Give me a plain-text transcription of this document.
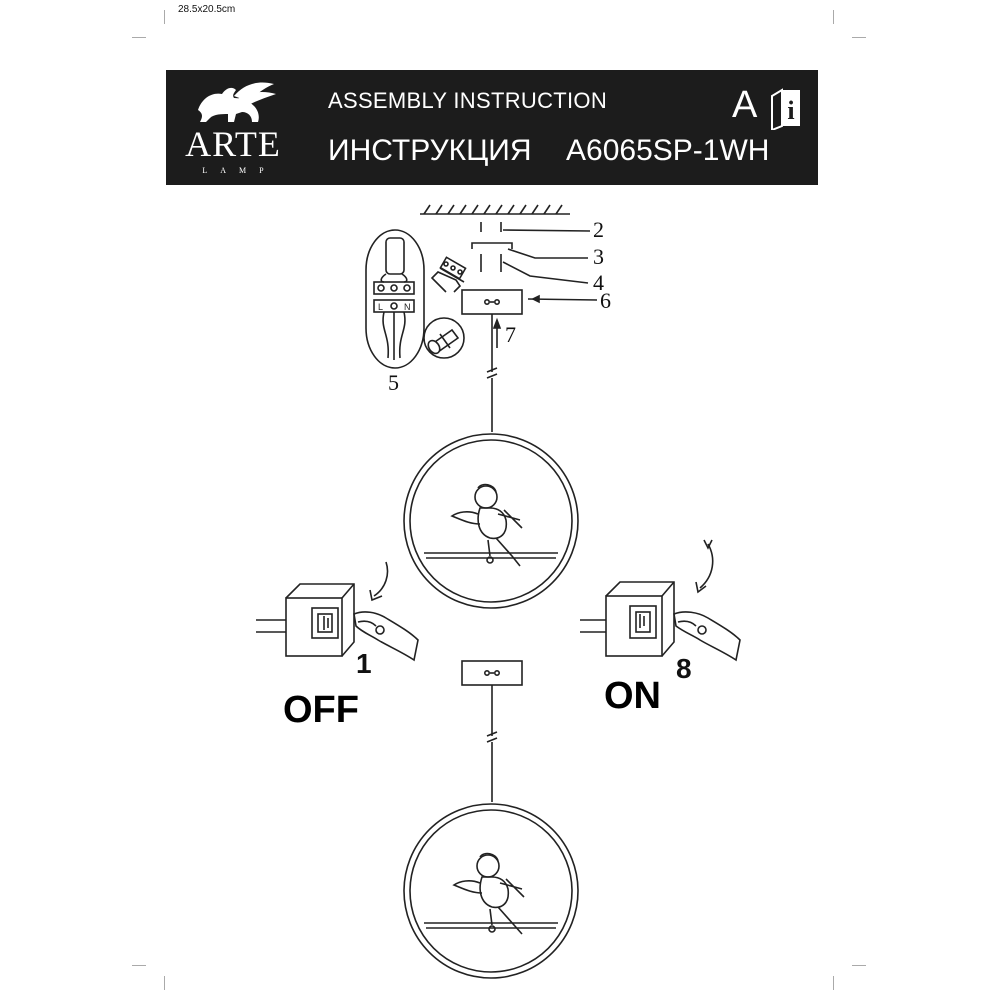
28.5x20.5cm
ARTE
LAMP
ASSEMBLY INSTRUCTION
ИНСТРУКЦИЯ A6065SP-1WH
A i
L N
2
3
4
6
5
7
1	8
OFF	ON
